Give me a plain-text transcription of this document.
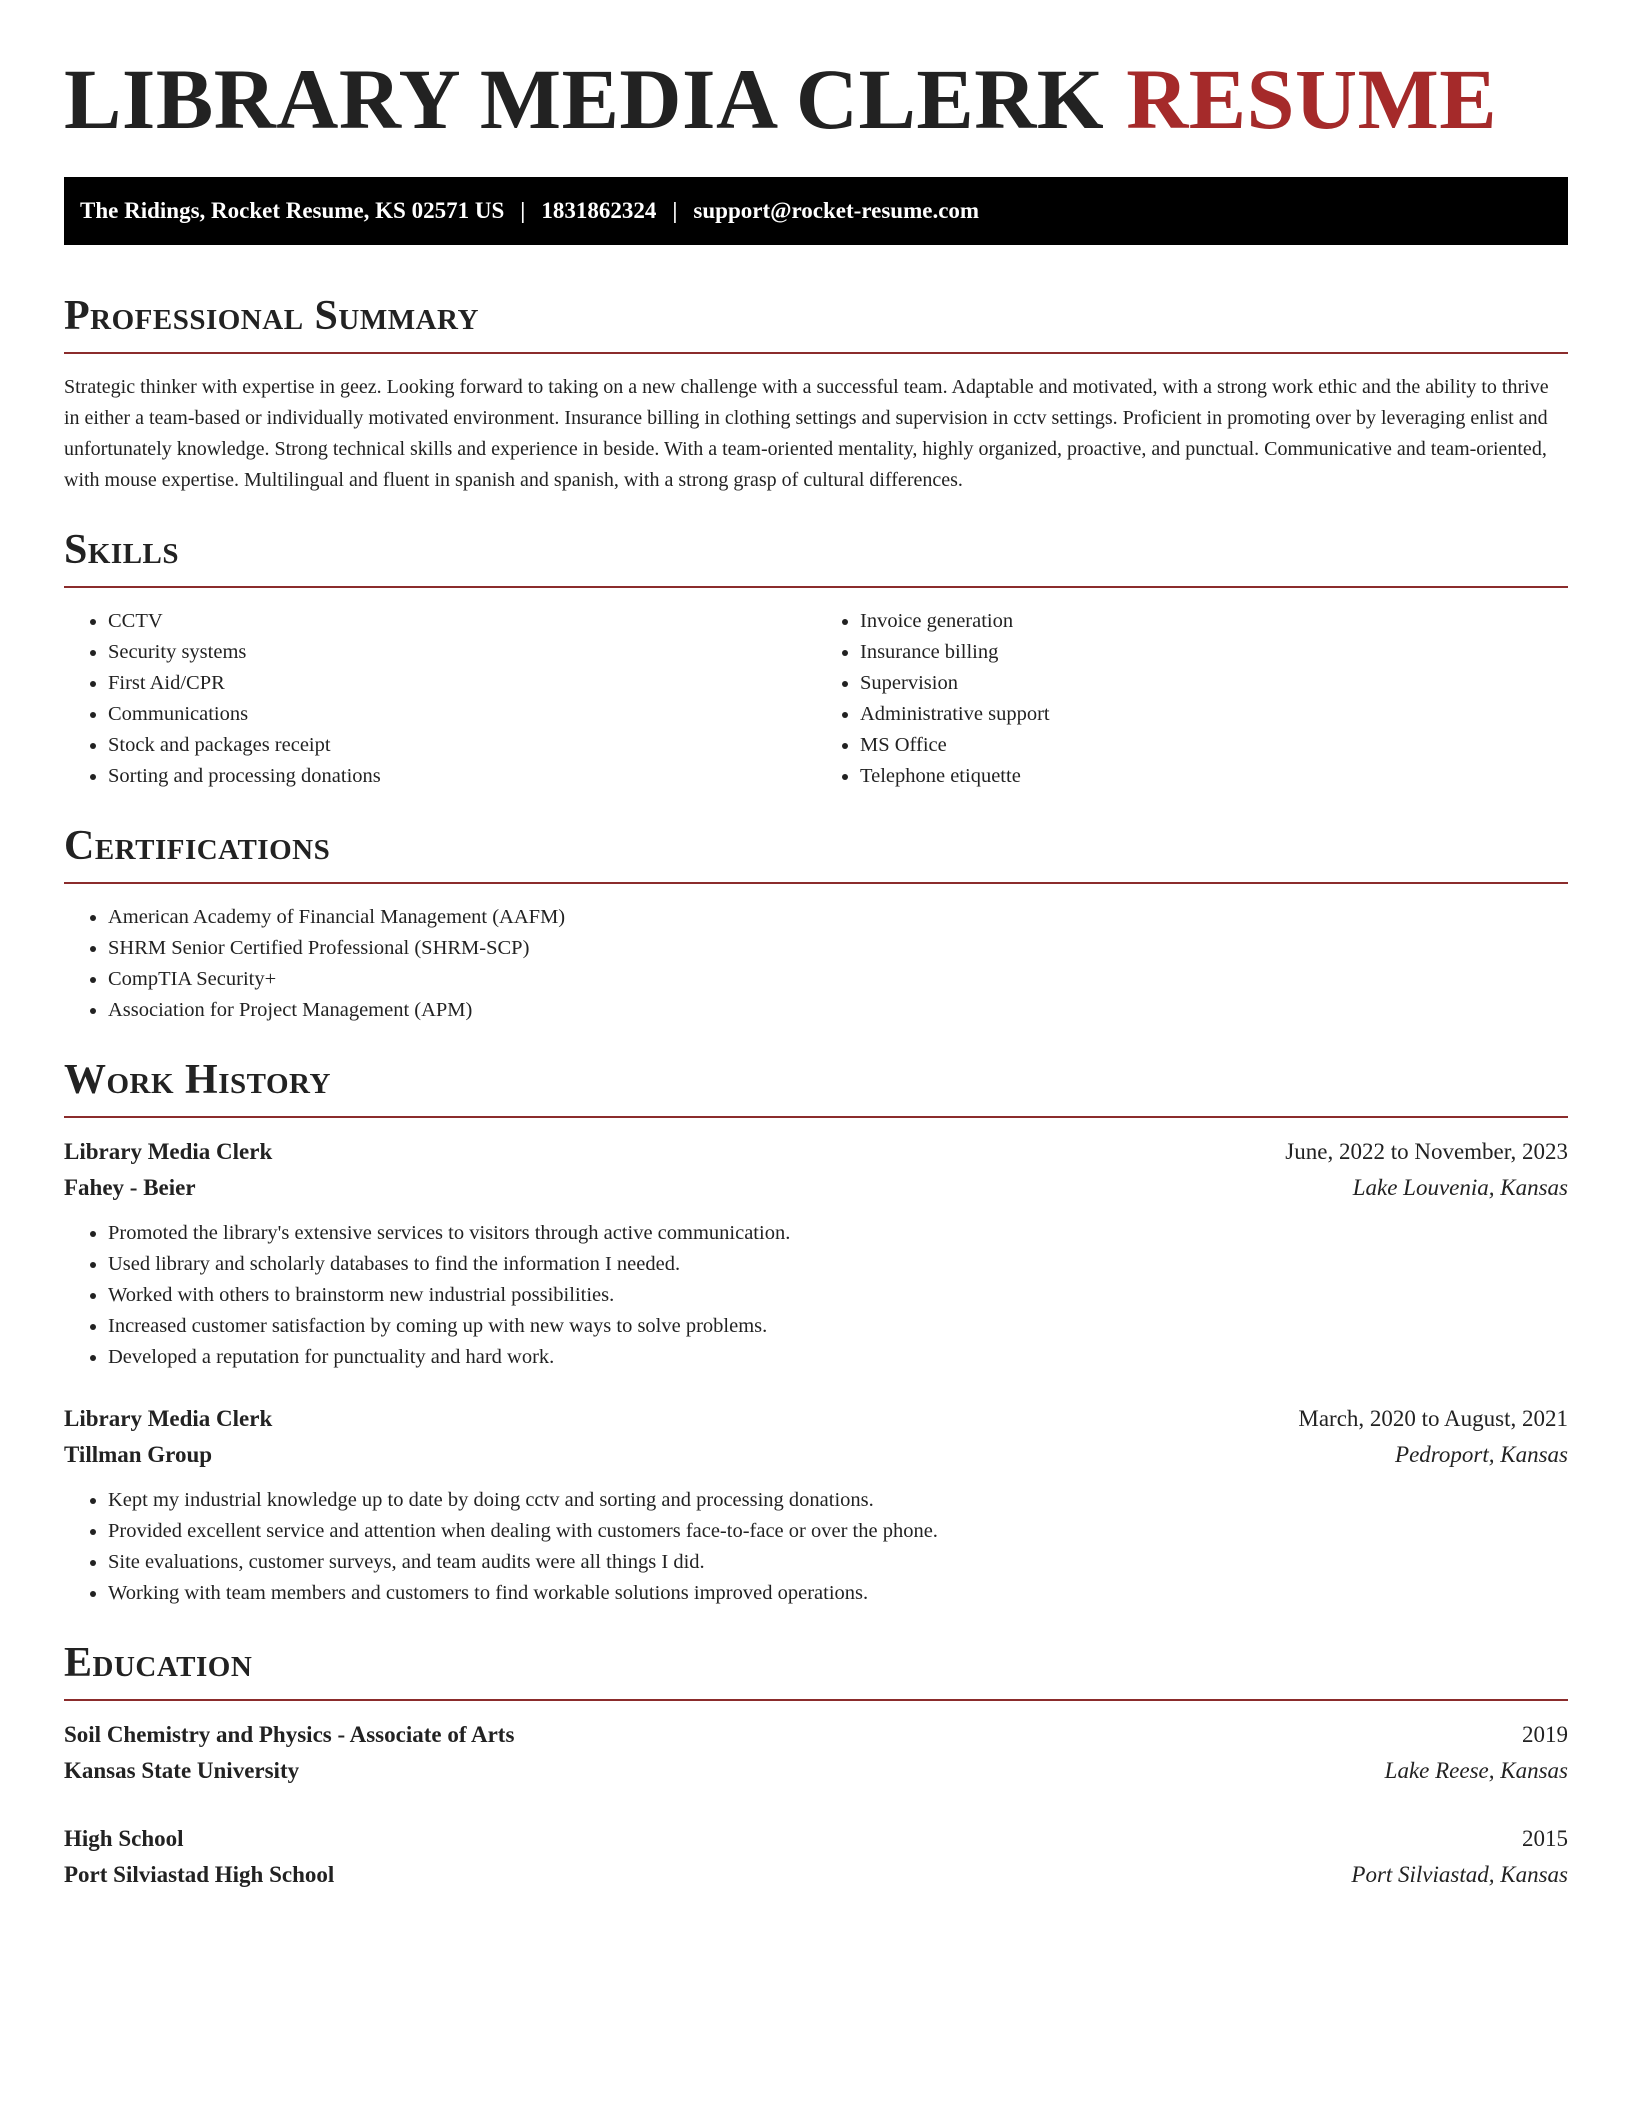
LIBRARY MEDIA CLERK RESUME
The Ridings, Rocket Resume, KS 02571 US | 1831862324 | support@rocket-resume.com
Professional Summary

Strategic thinker with expertise in geez. Looking forward to taking on a new challenge with a successful team. Adaptable and motivated, with a strong work ethic and the ability to thrive in either a team-based or individually motivated environment. Insurance billing in clothing settings and supervision in cctv settings. Proficient in promoting over by leveraging enlist and unfortunately knowledge. Strong technical skills and experience in beside. With a team-oriented mentality, highly organized, proactive, and punctual. Communicative and team-oriented, with mouse expertise. Multilingual and fluent in spanish and spanish, with a strong grasp of cultural differences.

Skills
• CCTV
• Security systems
• First Aid/CPR
• Communications
• Stock and packages receipt
• Sorting and processing donations
• Invoice generation
• Insurance billing
• Supervision
• Administrative support
• MS Office
• Telephone etiquette
Certifications
• American Academy of Financial Management (AAFM)
• SHRM Senior Certified Professional (SHRM-SCP)
• CompTIA Security+
• Association for Project Management (APM)
Work History
Library Media Clerk	June, 2022 to November, 2023
Fahey - Beier	Lake Louvenia, Kansas
• Promoted the library's extensive services to visitors through active communication.
• Used library and scholarly databases to find the information I needed.
• Worked with others to brainstorm new industrial possibilities.
• Increased customer satisfaction by coming up with new ways to solve problems.
• Developed a reputation for punctuality and hard work.
Library Media Clerk	March, 2020 to August, 2021
Tillman Group	Pedroport, Kansas
• Kept my industrial knowledge up to date by doing cctv and sorting and processing donations.
• Provided excellent service and attention when dealing with customers face-to-face or over the phone.
• Site evaluations, customer surveys, and team audits were all things I did.
• Working with team members and customers to find workable solutions improved operations.
Education
Soil Chemistry and Physics - Associate of Arts	2019
Kansas State University	Lake Reese, Kansas
High School	2015
Port Silviastad High School	Port Silviastad, Kansas
